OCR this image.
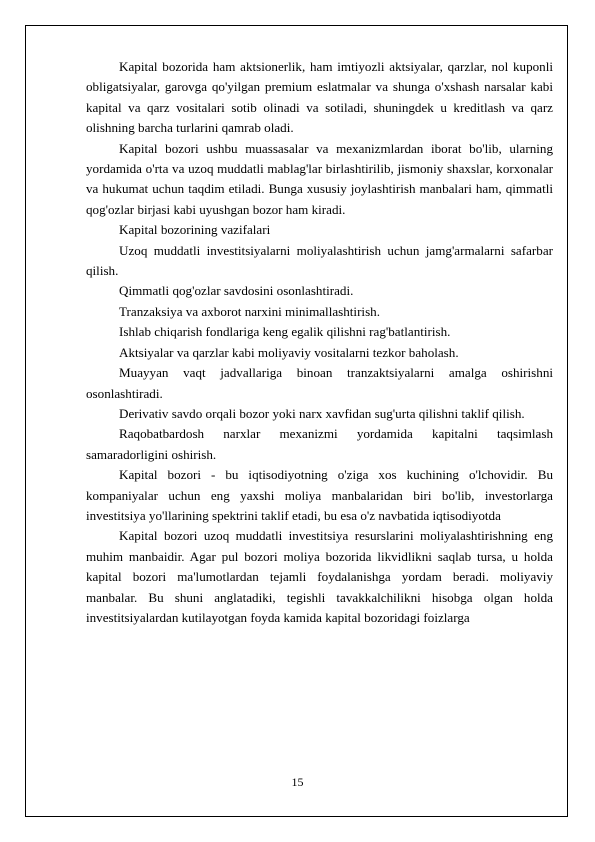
Kapital bozorida ham aktsionerlik, ham imtiyozli aktsiyalar, qarzlar, nol kuponli obligatsiyalar, garovga qo'yilgan premium eslatmalar va shunga o'xshash narsalar kabi kapital va qarz vositalari sotib olinadi va sotiladi, shuningdek u kreditlash va qarz olishning barcha turlarini qamrab oladi.

Kapital bozori ushbu muassasalar va mexanizmlardan iborat bo'lib, ularning yordamida o'rta va uzoq muddatli mablag'lar birlashtirilib, jismoniy shaxslar, korxonalar va hukumat uchun taqdim etiladi. Bunga xususiy joylashtirish manbalari ham, qimmatli qog'ozlar birjasi kabi uyushgan bozor ham kiradi.

Kapital bozorining vazifalari

Uzoq muddatli investitsiyalarni moliyalashtirish uchun jamg'armalarni safarbar qilish.

Qimmatli qog'ozlar savdosini osonlashtiradi.

Tranzaksiya va axborot narxini minimallashtirish.

Ishlab chiqarish fondlariga keng egalik qilishni rag'batlantirish.

Aktsiyalar va qarzlar kabi moliyaviy vositalarni tezkor baholash.

Muayyan vaqt jadvallariga binoan tranzaktsiyalarni amalga oshirishni osonlashtiradi.

Derivativ savdo orqali bozor yoki narx xavfidan sug'urta qilishni taklif qilish.

Raqobatbardosh narxlar mexanizmi yordamida kapitalni taqsimlash samaradorligini oshirish.

Kapital bozori - bu iqtisodiyotning o'ziga xos kuchining o'lchovidir. Bu kompaniyalar uchun eng yaxshi moliya manbalaridan biri bo'lib, investorlarga investitsiya yo'llarining spektrini taklif etadi, bu esa o'z navbatida iqtisodiyotda

Kapital bozori uzoq muddatli investitsiya resurslarini moliyalashtirishning eng muhim manbaidir. Agar pul bozori moliya bozorida likvidlikni saqlab tursa, u holda kapital bozori ma'lumotlardan tejamli foydalanishga yordam beradi. moliyaviy manbalar. Bu shuni anglatadiki, tegishli tavakkalchilikni hisobga olgan holda investitsiyalardan kutilayotgan foyda kamida kapital bozoridagi foizlarga

15
